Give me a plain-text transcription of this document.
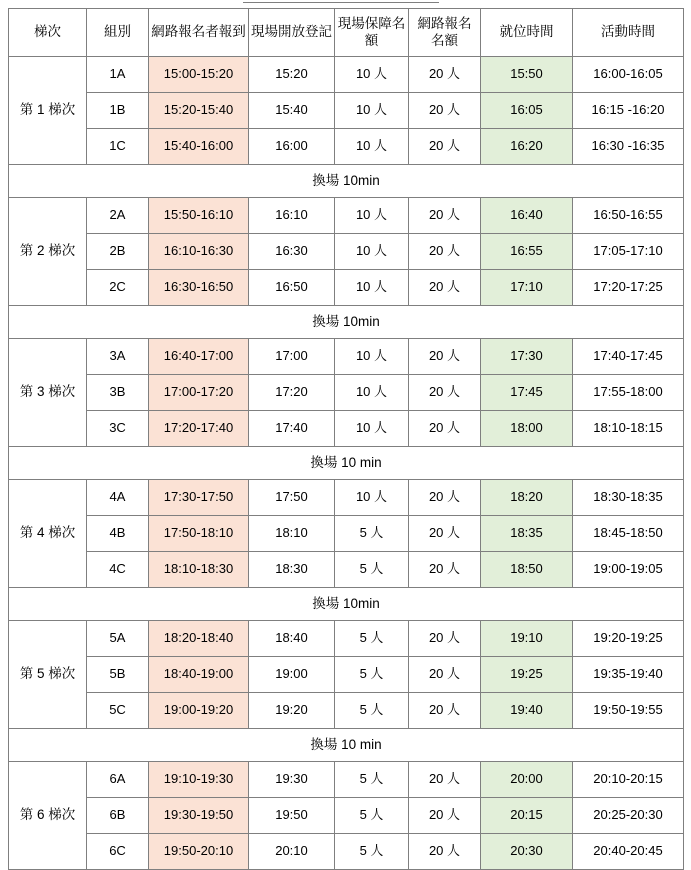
梯次	組別	網路報名者報到	現場開放登記	現場保障名額	網路報名名額	就位時間	活動時間
第 1 梯次	1A	15:00-15:20	15:20	10 人	20 人	15:50	16:00-16:05
	1B	15:20-15:40	15:40	10 人	20 人	16:05	16:15 -16:20
	1C	15:40-16:00	16:00	10 人	20 人	16:20	16:30 -16:35
換場 10min							
第 2 梯次	2A	15:50-16:10	16:10	10 人	20 人	16:40	16:50-16:55
	2B	16:10-16:30	16:30	10 人	20 人	16:55	17:05-17:10
	2C	16:30-16:50	16:50	10 人	20 人	17:10	17:20-17:25
換場 10min							
第 3 梯次	3A	16:40-17:00	17:00	10 人	20 人	17:30	17:40-17:45
	3B	17:00-17:20	17:20	10 人	20 人	17:45	17:55-18:00
	3C	17:20-17:40	17:40	10 人	20 人	18:00	18:10-18:15
換場 10 min							
第 4 梯次	4A	17:30-17:50	17:50	10 人	20 人	18:20	18:30-18:35
	4B	17:50-18:10	18:10	5 人	20 人	18:35	18:45-18:50
	4C	18:10-18:30	18:30	5 人	20 人	18:50	19:00-19:05
換場 10min							
第 5 梯次	5A	18:20-18:40	18:40	5 人	20 人	19:10	19:20-19:25
	5B	18:40-19:00	19:00	5 人	20 人	19:25	19:35-19:40
	5C	19:00-19:20	19:20	5 人	20 人	19:40	19:50-19:55
換場 10 min							
第 6 梯次	6A	19:10-19:30	19:30	5 人	20 人	20:00	20:10-20:15
	6B	19:30-19:50	19:50	5 人	20 人	20:15	20:25-20:30
	6C	19:50-20:10	20:10	5 人	20 人	20:30	20:40-20:45
